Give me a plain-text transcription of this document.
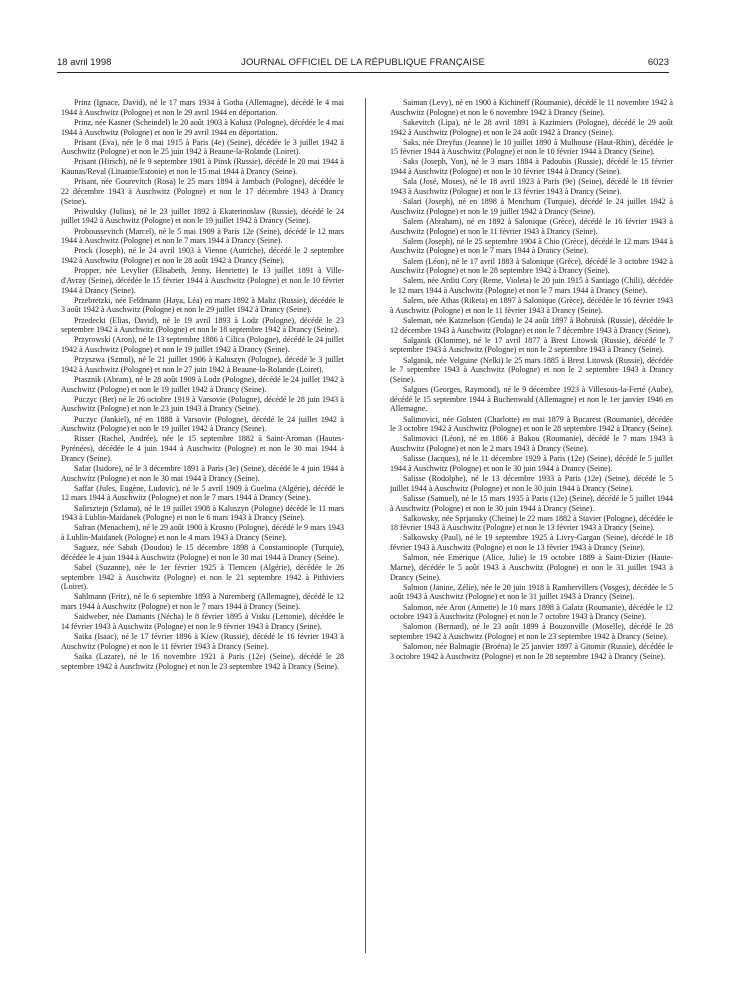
18 avril 1998	JOURNAL OFFICIEL DE LA RÉPUBLIQUE FRANÇAISE	6023

Prinz (Ignace, David), né le 17 mars 1934 à Gotha (Allemagne), décédé le 4 mai 1944 à Auschwitz (Pologne) et non le 29 avril 1944 en déportation.

Prinz, née Kasner (Scheindel) le 20 août 1903 à Kalusz (Pologne), décédée le 4 mai 1944 à Auschwitz (Pologne) et non le 29 avril 1944 en déportation.

Prisant (Eva), née le 8 mai 1915 à Paris (4e) (Seine), décédée le 3 juillet 1942 à Auschwitz (Pologne) et non le 25 juin 1942 à Beaune-la-Rolande (Loiret).

Prisant (Hirsch), né le 9 septembre 1901 à Pinsk (Russie), décédé le 20 mai 1944 à Kaunas/Reval (Lituanie/Estonie) et non le 15 mai 1944 à Drancy (Seine).

Prisant, née Gourevitch (Rosa) le 25 mars 1894 à Jambach (Pologne), décédée le 22 décembre 1943 à Auschwitz (Pologne) et non le 17 décembre 1943 à Drancy (Seine).

Priwulsky (Julius), né le 23 juillet 1892 à Ekaterinoslaw (Russie), décédé le 24 juillet 1942 à Auschwitz (Pologne) et non le 19 juillet 1942 à Drancy (Seine).

Proboussevitch (Marcel), né le 5 mai 1909 à Paris 12e (Seine), décédé le 12 mars 1944 à Auschwitz (Pologne) et non le 7 mars 1944 à Drancy (Seine).

Prock (Joseph), né le 24 avril 1903 à Vienne (Autriche), décédé le 2 septembre 1942 à Auschwitz (Pologne) et non le 28 août 1942 à Drancy (Seine).

Propper, née Levylier (Elisabeth, Jenny, Henriette) le 13 juillet 1891 à Ville-d'Avray (Seine), décédée le 15 février 1944 à Auschwitz (Pologne) et non le 10 février 1944 à Drancy (Seine).

Przebretzki, née Feldmann (Haya, Léa) en mars 1892 à Maltz (Russie), décédée le 3 août 1942 à Auschwitz (Pologne) et non le 29 juillet 1942 à Drancy (Seine).

Przedecki (Elias, David), né le 19 avril 1893 à Lodz (Pologne), décédé le 23 septembre 1942 à Auschwitz (Pologne) et non le 18 septembre 1942 à Drancy (Seine).

Przyrowski (Aron), né le 13 septembre 1886 à Cilica (Pologne), décédé le 24 juillet 1942 à Auschwitz (Pologne) et non le 19 juillet 1942 à Drancy (Seine).

Przyszwa (Szmul), né le 21 juillet 1906 à Kaluszyn (Pologne), décédé le 3 juillet 1942 à Auschwitz (Pologne) et non le 27 juin 1942 à Beaune-la-Rolande (Loiret).

Ptasznik (Abram), né le 28 août 1909 à Lodz (Pologne), décédé le 24 juillet 1942 à Auschwitz (Pologne) et non le 19 juillet 1942 à Drancy (Seine).

Puczyc (Ber) né le 26 octobre 1919 à Varsovie (Pologne), décédé le 28 juin 1943 à Auschwitz (Pologne) et non le 23 juin 1943 à Drancy (Seine).

Puczyc (Jankiel), né en 1888 à Varsovie (Pologne), décédé le 24 juillet 1942 à Auschwitz (Pologne) et non le 19 juillet 1942 à Drancy (Seine).

Risser (Rachel, Andrée), née le 15 septembre 1882 à Saint-Aroman (Hautes-Pyrénées), décédée le 4 juin 1944 à Auschwitz (Pologne) et non le 30 mai 1944 à Drancy (Seine).

Safar (Isidore), né le 3 décembre 1891 à Paris (3e) (Seine), décédé le 4 juin 1944 à Auschwitz (Pologne) et non le 30 mai 1944 à Drancy (Seine).

Saffar (Jules, Eugène, Ludovic), né le 5 avril 1909 à Guelma (Algérie), décédé le 12 mars 1944 à Auschwitz (Pologne) et non le 7 mars 1944 à Drancy (Seine).

Safirsztejn (Szlama), né le 19 juillet 1908 à Kaluszyn (Pologne) décédé le 11 mars 1943 à Lublin-Maidanek (Pologne) et non le 6 mars 1943 à Drancy (Seine).

Safran (Menachem), né le 29 août 1900 à Krosno (Pologne), décédé le 9 mars 1943 à Lublin-Maidanek (Pologne) et non le 4 mars 1943 à Drancy (Seine).

Saguez, née Sabah (Doudou) le 15 décembre 1898 à Constantinople (Turquie), décédée le 4 juin 1944 à Auschwitz (Pologne) et non le 30 mai 1944 à Drancy (Seine).

Sabel (Suzanne), née le 1er février 1925 à Tlemcen (Algérie), décédée le 26 septembre 1942 à Auschwitz (Pologne) et non le 21 septembre 1942 à Pithiviers (Loiret).

Sahlmann (Fritz), né le 6 septembre 1893 à Nuremberg (Allemagne), décédé le 12 mars 1944 à Auschwitz (Pologne) et non le 7 mars 1944 à Drancy (Seine).

Saidweber, née Damants (Nécha) le 8 février 1895 à Visku (Lettonie), décédée le 14 février 1943 à Auschwitz (Pologne) et non le 9 février 1943 à Drancy (Seine).

Saika (Isaac), né le 17 février 1896 à Kiew (Russie), décédé le 16 février 1943 à Auschwitz (Pologne) et non le 11 février 1943 à Drancy (Seine).

Saika (Lazare), né le 16 novembre 1921 à Paris (12e) (Seine), décédé le 28 septembre 1942 à Auschwitz (Pologne) et non le 23 septembre 1942 à Drancy (Seine).

Saiman (Levy), né en 1900 à Kichineff (Roumanie), décédé le 11 novembre 1942 à Auschwitz (Pologne) et non le 6 novembre 1942 à Drancy (Seine).

Sakevitch (Lipa), né le 28 avril 1891 à Kazimiers (Pologne), décédé le 29 août 1942 à Auschwitz (Pologne) et non le 24 août 1942 à Drancy (Seine).

Saks, née Dreyfus (Jeanne) le 10 juillet 1890 à Mulhouse (Haut-Rhin), décédée le 15 février 1944 à Auschwitz (Pologne) et non le 10 février 1944 à Drancy (Seine).

Saks (Joseph, Yon), né le 3 mars 1884 à Padoubis (Russie), décédé le 15 février 1944 à Auschwitz (Pologne) et non le 10 février 1944 à Drancy (Seine).

Sala (José, Moses), né le 18 avril 1923 à Paris (9e) (Seine), décédé le 18 février 1943 à Auschwitz (Pologne) et non le 13 février 1943 à Drancy (Seine).

Salari (Joseph), né en 1898 à Menchum (Turquie), décédé le 24 juillet 1942 à Auschwitz (Pologne) et non le 19 juillet 1942 à Drancy (Seine).

Salem (Abraham), né en 1892 à Salonique (Grèce), décédé le 16 février 1943 à Auschwitz (Pologne) et non le 11 février 1943 à Drancy (Seine).

Salem (Joseph), né le 25 septembre 1904 à Chio (Grèce), décédé le 12 mars 1944 à Auschwitz (Pologne) et non le 7 mars 1944 à Drancy (Seine).

Salem (Léon), né le 17 avril 1883 à Salonique (Grèce), décédé le 3 octobre 1942 à Auschwitz (Pologne) et non le 28 septembre 1942 à Drancy (Seine).

Salem, née Arditi Cory (Reme, Violeta) le 20 juin 1915 à Santiago (Chili), décédée le 12 mars 1944 à Auschwitz (Pologne) et non le 7 mars 1944 à Drancy (Seine).

Salem, née Athas (Riketa) en 1897 à Salonique (Grèce), décédée le 16 février 1943 à Auschwitz (Pologne) et non le 11 février 1943 à Drancy (Seine).

Saleman, née Katznelson (Genda) le 24 août 1897 à Bobruisk (Russie), décédée le 12 décembre 1943 à Auschwitz (Pologne) et non le 7 décembre 1943 à Drancy (Seine).

Salganik (Klomme), né le 17 avril 1877 à Brest Litowsk (Russie), décédé le 7 septembre 1943 à Auschwitz (Pologne) et non le 2 septembre 1943 à Drancy (Seine).

Salganik, née Velguine (Nelki) le 25 mars 1885 à Brest Litowsk (Russie), décédée le 7 septembre 1943 à Auschwitz (Pologne) et non le 2 septembre 1943 à Drancy (Seine).

Salgues (Georges, Raymond), né le 9 décembre 1923 à Villesous-la-Ferté (Aube), décédé le 15 septembre 1944 à Buchenwald (Allemagne) et non le 1er janvier 1946 en Allemagne.

Salimovici, née Golsten (Charlotte) en mai 1879 à Bucarest (Roumanie), décédée le 3 octobre 1942 à Auschwitz (Pologne) et non le 28 septembre 1942 à Drancy (Seine).

Salimovici (Léon), né en 1866 à Bakou (Roumanie), décédé le 7 mars 1943 à Auschwitz (Pologne) et non le 2 mars 1943 à Drancy (Seine).

Salisse (Jacques), né le 11 décembre 1929 à Paris (12e) (Seine), décédé le 5 juillet 1944 à Auschwitz (Pologne) et non le 30 juin 1944 à Drancy (Seine).

Salisse (Rodolphe), né le 13 décembre 1933 à Paris (12e) (Seine), décédé le 5 juillet 1944 à Auschwitz (Pologne) et non le 30 juin 1944 à Drancy (Seine).

Salisse (Samuel), né le 15 mars 1935 à Paris (12e) (Seine), décédé le 5 juillet 1944 à Auschwitz (Pologne) et non le 30 juin 1944 à Drancy (Seine).

Salkowsky, née Sprjansky (Cheine) le 22 mars 1882 à Stavier (Pologne), décédée le 18 février 1943 à Auschwitz (Pologne) et non le 13 février 1943 à Drancy (Seine).

Salkowsky (Paul), né le 19 septembre 1925 à Livry-Gargan (Seine), décédé le 18 février 1943 à Auschwitz (Pologne) et non le 13 février 1943 à Drancy (Seine).

Salmon, née Emerique (Alice, Julie) le 19 octobre 1889 à Saint-Dizier (Haute-Marne), décédée le 5 août 1943 à Auschwitz (Pologne) et non le 31 juillet 1943 à Drancy (Seine).

Salmon (Janine, Zélie), née le 20 juin 1918 à Rambervillers (Vosges), décédée le 5 août 1943 à Auschwitz (Pologne) et non le 31 juillet 1943 à Drancy (Seine).

Salomon, née Aron (Annette) le 10 mars 1898 à Galatz (Roumanie), décédée le 12 octobre 1943 à Auschwitz (Pologne) et non le 7 octobre 1943 à Drancy (Seine).

Salomon (Bernard), né le 23 août 1899 à Bouzonville (Moselle), décédé le 28 septembre 1942 à Auschwitz (Pologne) et non le 23 septembre 1942 à Drancy (Seine).

Salomon, née Balmagie (Broëna) le 25 janvier 1897 à Gitomir (Russie), décédée le 3 octobre 1942 à Auschwitz (Pologne) et non le 28 septembre 1942 à Drancy (Seine).
